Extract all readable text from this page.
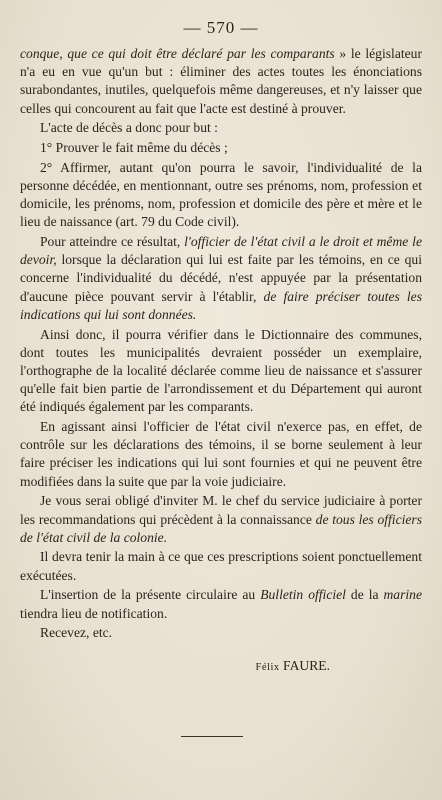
— 570 —

conque, que ce qui doit être déclaré par les comparants » le législateur n'a eu en vue qu'un but : éliminer des actes toutes les énonciations surabondantes, inutiles, quelquefois même dangereuses, et n'y laisser que celles qui concourent au fait que l'acte est destiné à prouver.

L'acte de décès a donc pour but :

1° Prouver le fait même du décès ;

2° Affirmer, autant qu'on pourra le savoir, l'individualité de la personne décédée, en mentionnant, outre ses prénoms, nom, profession et domicile, les prénoms, nom, profession et domicile des père et mère et le lieu de naissance (art. 79 du Code civil).

Pour atteindre ce résultat, l'officier de l'état civil a le droit et même le devoir, lorsque la déclaration qui lui est faite par les témoins, en ce qui concerne l'individualité du décédé, n'est appuyée par la présentation d'aucune pièce pouvant servir à l'établir, de faire préciser toutes les indications qui lui sont données.

Ainsi donc, il pourra vérifier dans le Dictionnaire des communes, dont toutes les municipalités devraient posséder un exemplaire, l'orthographe de la localité déclarée comme lieu de naissance et s'assurer qu'elle fait bien partie de l'arrondissement et du Département qui auront été indiqués également par les comparants.

En agissant ainsi l'officier de l'état civil n'exerce pas, en effet, de contrôle sur les déclarations des témoins, il se borne seulement à leur faire préciser les indications qui lui sont fournies et qui ne peuvent être modifiées dans la suite que par la voie judiciaire.

Je vous serai obligé d'inviter M. le chef du service judiciaire à porter les recommandations qui précèdent à la connaissance de tous les officiers de l'état civil de la colonie.

Il devra tenir la main à ce que ces prescriptions soient ponctuellement exécutées.

L'insertion de la présente circulaire au Bulletin officiel de la marine tiendra lieu de notification.

Recevez, etc.

Félix FAURE.
